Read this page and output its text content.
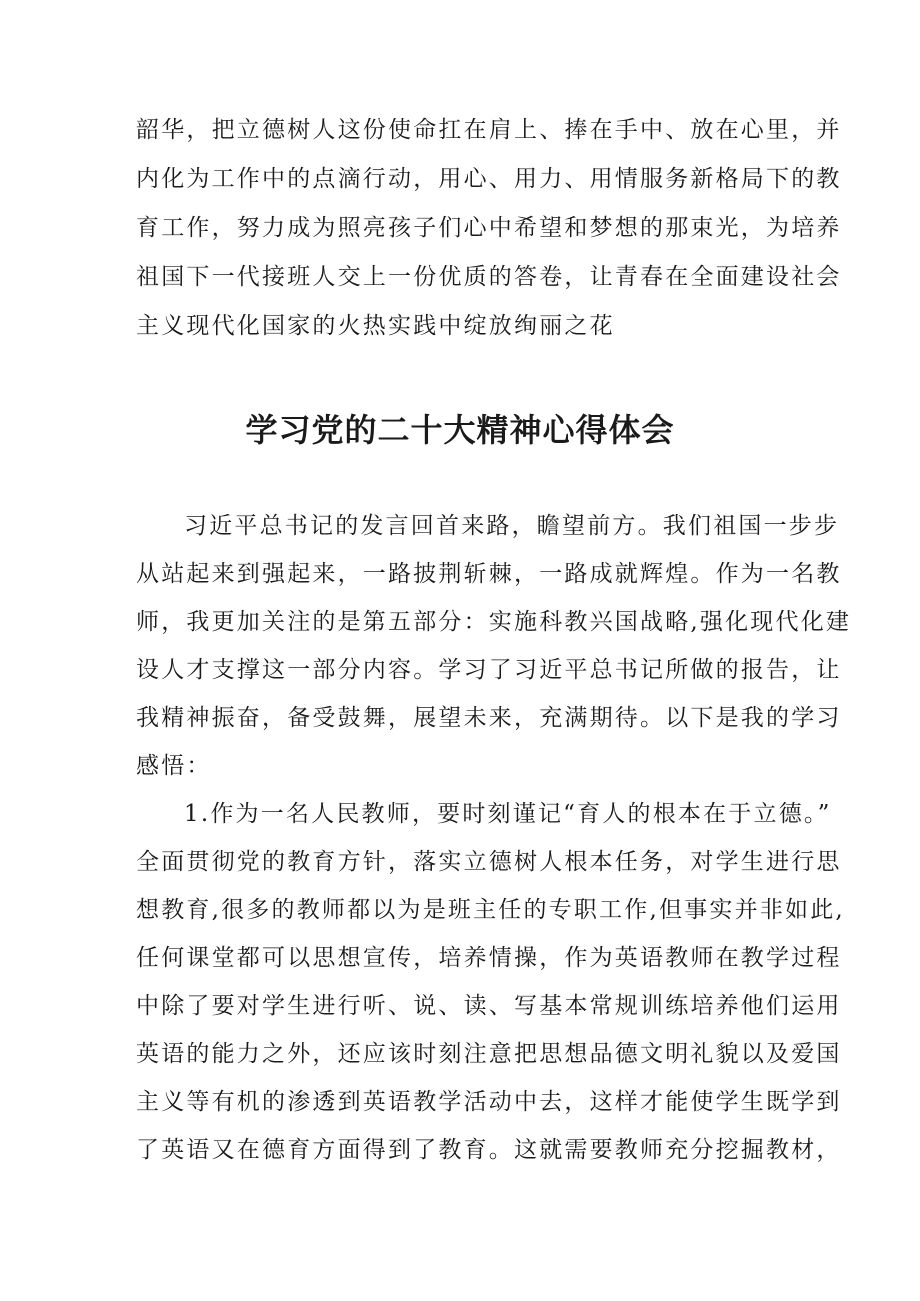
韶华，把立德树人这份使命扛在肩上、捧在手中、放在心里，并
内化为工作中的点滴行动，用心、用力、用情服务新格局下的教
育工作，努力成为照亮孩子们心中希望和梦想的那束光，为培养
祖国下一代接班人交上一份优质的答卷，让青春在全面建设社会
主义现代化国家的火热实践中绽放绚丽之花
学习党的二十大精神心得体会
习近平总书记的发言回首来路，瞻望前方。我们祖国一步步
从站起来到强起来，一路披荆斩棘，一路成就辉煌。作为一名教
师，我更加关注的是第五部分：实施科教兴国战略,强化现代化建
设人才支撑这一部分内容。学习了习近平总书记所做的报告，让
我精神振奋，备受鼓舞，展望未来，充满期待。以下是我的学习
感悟：
1.作为一名人民教师，要时刻谨记“育人的根本在于立德。”
全面贯彻党的教育方针，落实立德树人根本任务，对学生进行思
想教育,很多的教师都以为是班主任的专职工作,但事实并非如此,
任何课堂都可以思想宣传，培养情操，作为英语教师在教学过程
中除了要对学生进行听、说、读、写基本常规训练培养他们运用
英语的能力之外，还应该时刻注意把思想品德文明礼貌以及爱国
主义等有机的渗透到英语教学活动中去，这样才能使学生既学到
了英语又在德育方面得到了教育。这就需要教师充分挖掘教材，
